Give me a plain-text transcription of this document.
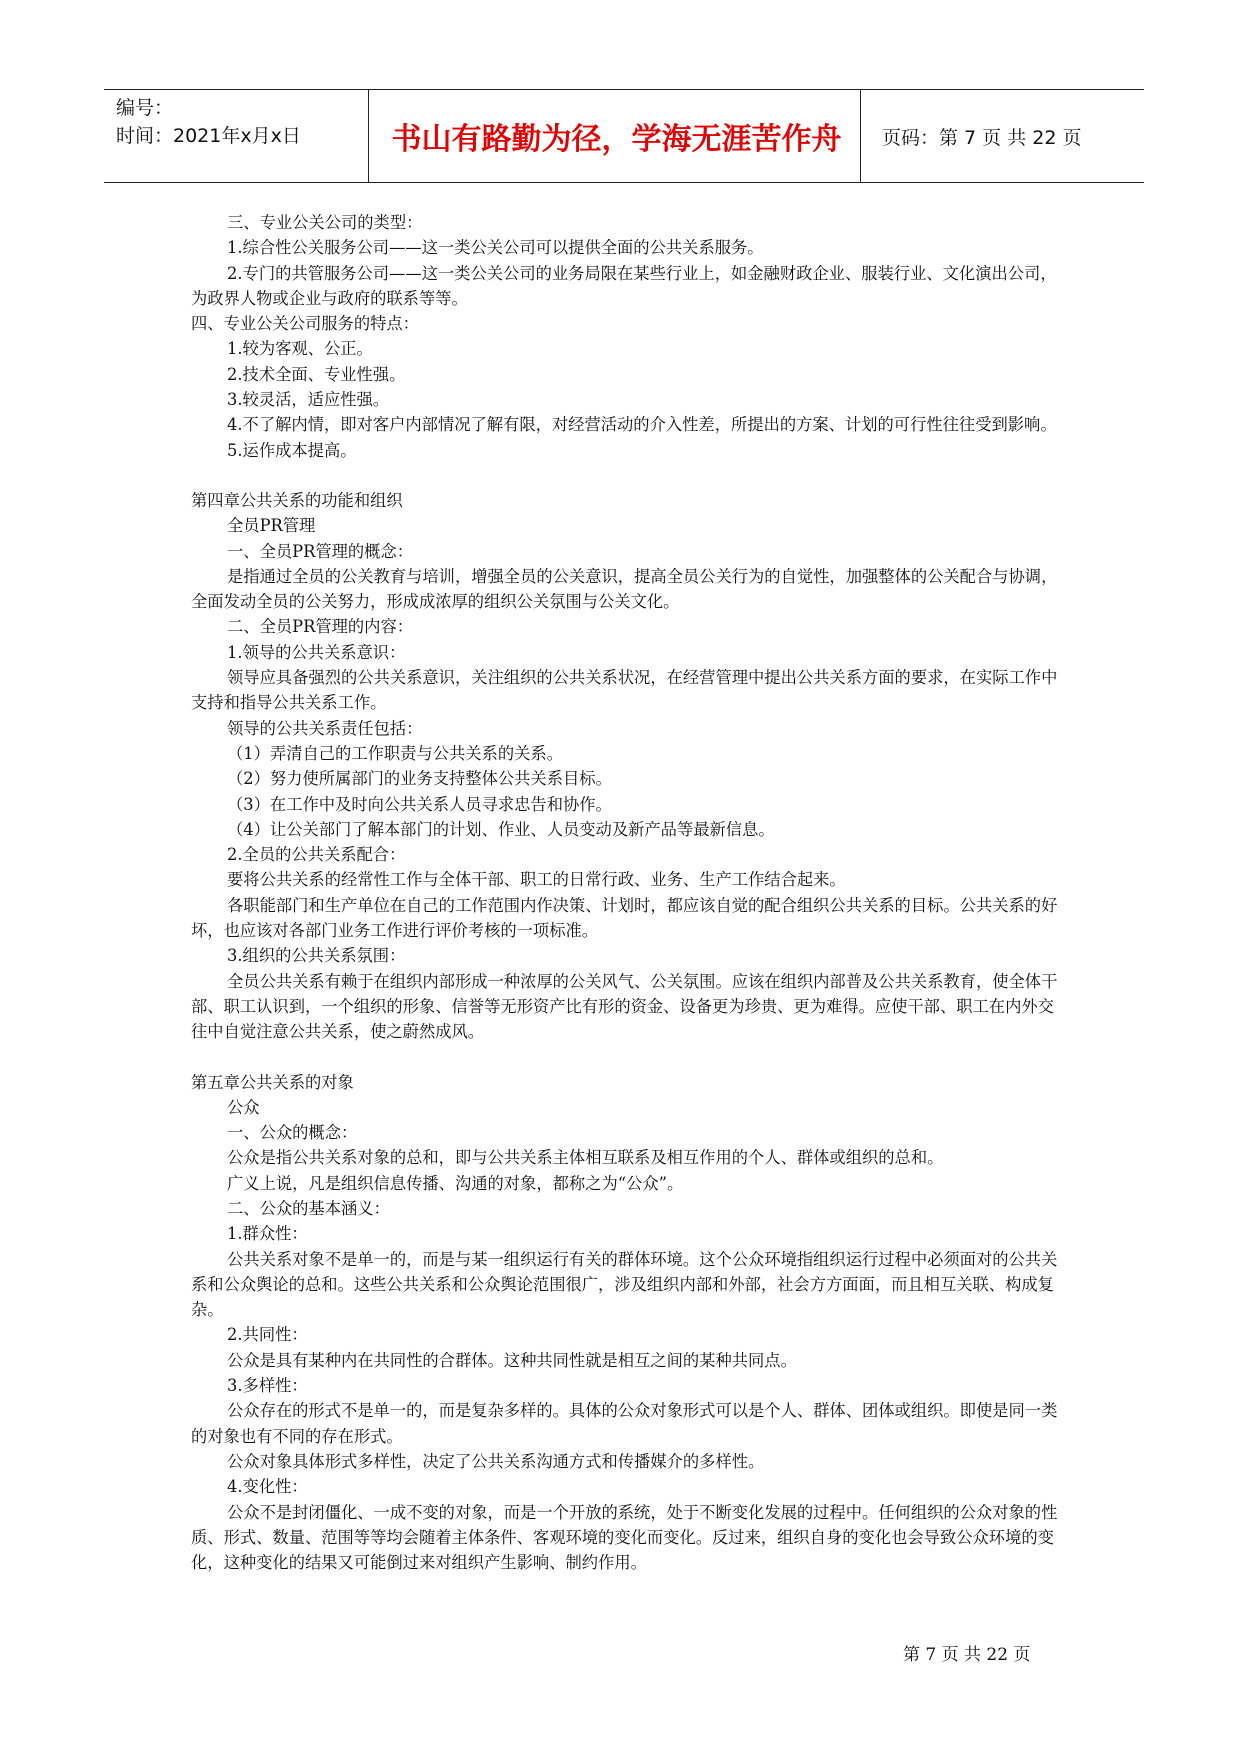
编号：
时间：2021年x月x日	书山有路勤为径，学海无涯苦作舟	页码：第 7 页 共 22 页

三、专业公关公司的类型：

1.综合性公关服务公司——这一类公关公司可以提供全面的公共关系服务。

2.专门的共管服务公司——这一类公关公司的业务局限在某些行业上，如金融财政企业、服装行业、文化演出公司，为政界人物或企业与政府的联系等等。

四、专业公关公司服务的特点：

1.较为客观、公正。

2.技术全面、专业性强。

3.较灵活，适应性强。

4.不了解内情，即对客户内部情况了解有限，对经营活动的介入性差，所提出的方案、计划的可行性往往受到影响。

5.运作成本提高。

第四章公共关系的功能和组织

全员PR管理

一、全员PR管理的概念：

是指通过全员的公关教育与培训，增强全员的公关意识，提高全员公关行为的自觉性，加强整体的公关配合与协调，全面发动全员的公关努力，形成成浓厚的组织公关氛围与公关文化。

二、全员PR管理的内容：

1.领导的公共关系意识：

领导应具备强烈的公共关系意识，关注组织的公共关系状况，在经营管理中提出公共关系方面的要求，在实际工作中支持和指导公共关系工作。

领导的公共关系责任包括：

（1）弄清自己的工作职责与公共关系的关系。

（2）努力使所属部门的业务支持整体公共关系目标。

（3）在工作中及时向公共关系人员寻求忠告和协作。

（4）让公关部门了解本部门的计划、作业、人员变动及新产品等最新信息。

2.全员的公共关系配合：

要将公共关系的经常性工作与全体干部、职工的日常行政、业务、生产工作结合起来。

各职能部门和生产单位在自己的工作范围内作决策、计划时，都应该自觉的配合组织公共关系的目标。公共关系的好坏，也应该对各部门业务工作进行评价考核的一项标准。

3.组织的公共关系氛围：

全员公共关系有赖于在组织内部形成一种浓厚的公关风气、公关氛围。应该在组织内部普及公共关系教育，使全体干部、职工认识到，一个组织的形象、信誉等无形资产比有形的资金、设备更为珍贵、更为难得。应使干部、职工在内外交往中自觉注意公共关系，使之蔚然成风。

第五章公共关系的对象

公众

一、公众的概念：

公众是指公共关系对象的总和，即与公共关系主体相互联系及相互作用的个人、群体或组织的总和。

广义上说，凡是组织信息传播、沟通的对象，都称之为“公众”。

二、公众的基本涵义：

1.群众性：

公共关系对象不是单一的，而是与某一组织运行有关的群体环境。这个公众环境指组织运行过程中必须面对的公共关系和公众舆论的总和。这些公共关系和公众舆论范围很广，涉及组织内部和外部，社会方方面面，而且相互关联、构成复杂。

2.共同性：

公众是具有某种内在共同性的合群体。这种共同性就是相互之间的某种共同点。

3.多样性：

公众存在的形式不是单一的，而是复杂多样的。具体的公众对象形式可以是个人、群体、团体或组织。即使是同一类的对象也有不同的存在形式。

公众对象具体形式多样性，决定了公共关系沟通方式和传播媒介的多样性。

4.变化性：

公众不是封闭僵化、一成不变的对象，而是一个开放的系统，处于不断变化发展的过程中。任何组织的公众对象的性质、形式、数量、范围等等均会随着主体条件、客观环境的变化而变化。反过来，组织自身的变化也会导致公众环境的变化，这种变化的结果又可能倒过来对组织产生影响、制约作用。

第 7 页 共 22 页
